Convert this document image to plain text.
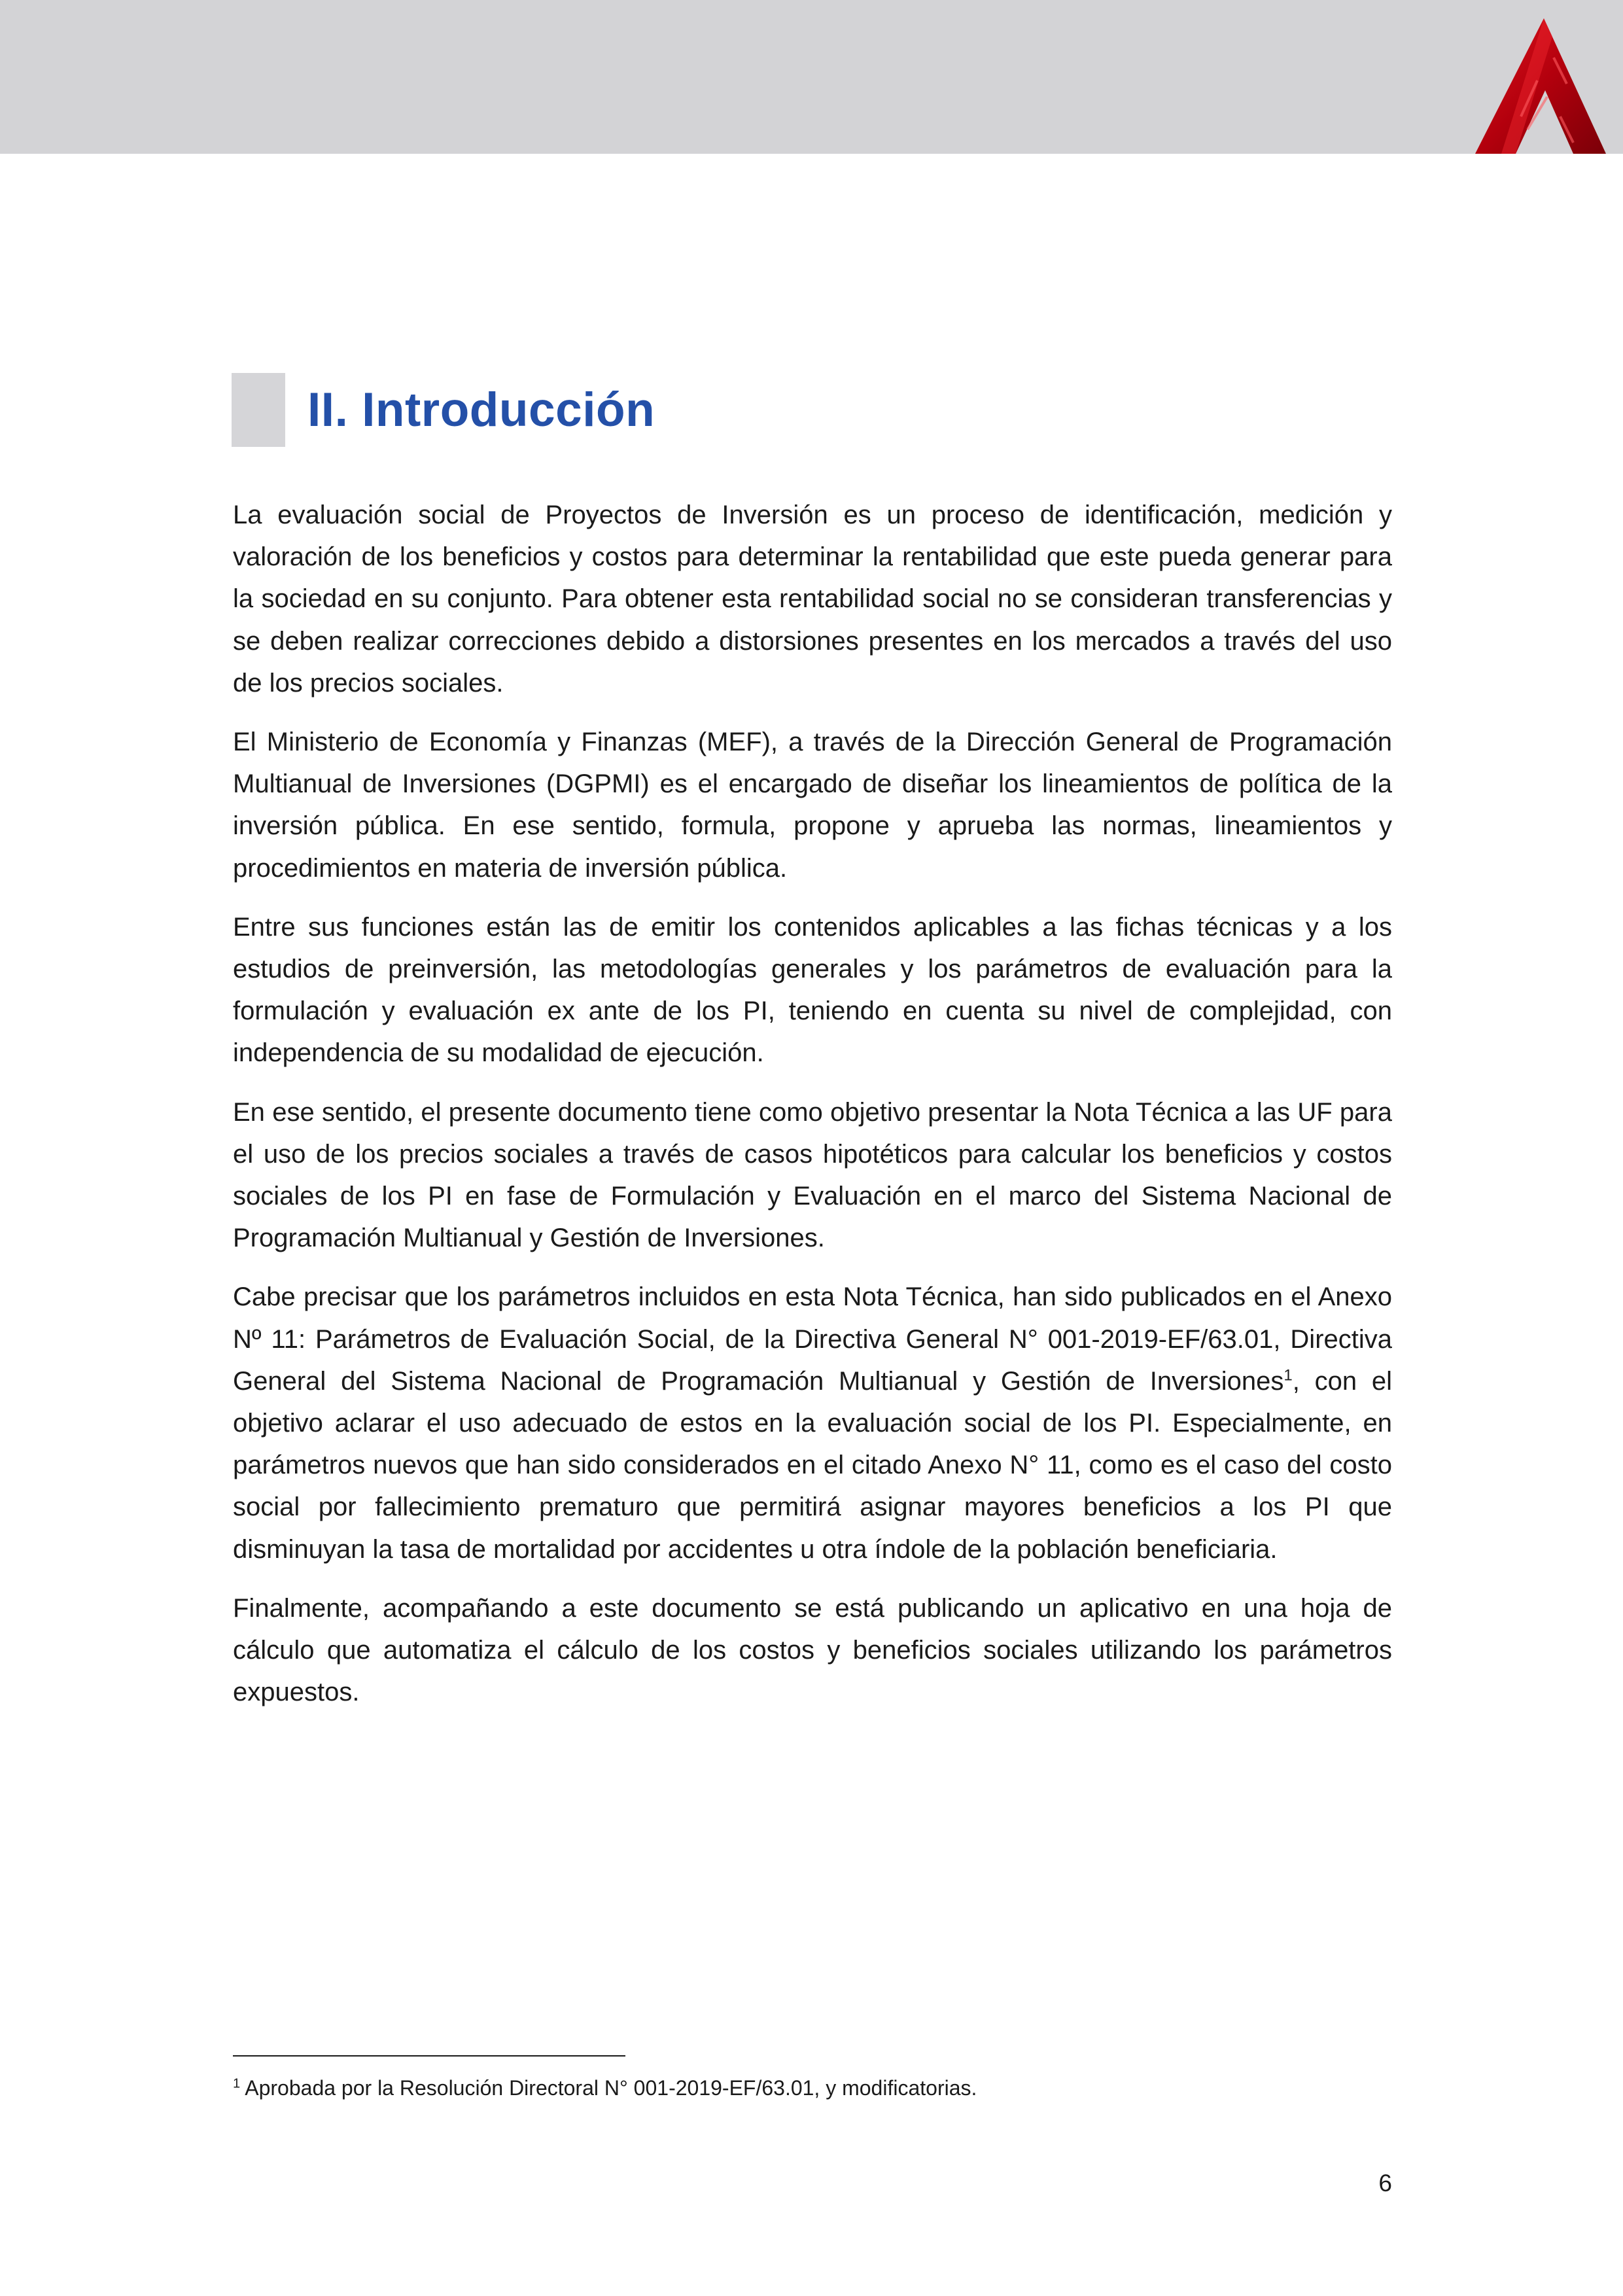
II. Introducción

La evaluación social de Proyectos de Inversión es un proceso de identificación, medición y valoración de los beneficios y costos para determinar la rentabilidad que este pueda generar para la sociedad en su conjunto. Para obtener esta rentabilidad social no se consideran transferencias y se deben realizar correcciones debido a distorsiones presentes en los mercados a través del uso de los precios sociales.

El Ministerio de Economía y Finanzas (MEF), a través de la Dirección General de Programación Multianual de Inversiones (DGPMI) es el encargado de diseñar los lineamientos de política de la inversión pública. En ese sentido, formula, propone y aprueba las normas, lineamientos y procedimientos en materia de inversión pública.

Entre sus funciones están las de emitir los contenidos aplicables a las fichas técnicas y a los estudios de preinversión, las metodologías generales y los parámetros de evaluación para la formulación y evaluación ex ante de los PI, teniendo en cuenta su nivel de complejidad, con independencia de su modalidad de ejecución.

En ese sentido, el presente documento tiene como objetivo presentar la Nota Técnica a las UF para el uso de los precios sociales a través de casos hipotéticos para calcular los beneficios y costos sociales de los PI en fase de Formulación y Evaluación en el marco del Sistema Nacional de Programación Multianual y Gestión de Inversiones.

Cabe precisar que los parámetros incluidos en esta Nota Técnica, han sido publicados en el Anexo Nº 11: Parámetros de Evaluación Social, de la Directiva General N° 001-2019-EF/63.01, Directiva General del Sistema Nacional de Programación Multianual y Gestión de Inversiones$^1$, con el objetivo aclarar el uso adecuado de estos en la evaluación social de los PI. Especialmente, en parámetros nuevos que han sido considerados en el citado Anexo N° 11, como es el caso del costo social por fallecimiento prematuro que permitirá asignar mayores beneficios a los PI que disminuyan la tasa de mortalidad por accidentes u otra índole de la población beneficiaria.

Finalmente, acompañando a este documento se está publicando un aplicativo en una hoja de cálculo que automatiza el cálculo de los costos y beneficios sociales utilizando los parámetros expuestos.

$^1$ Aprobada por la Resolución Directoral N° 001-2019-EF/63.01, y modificatorias.
6
